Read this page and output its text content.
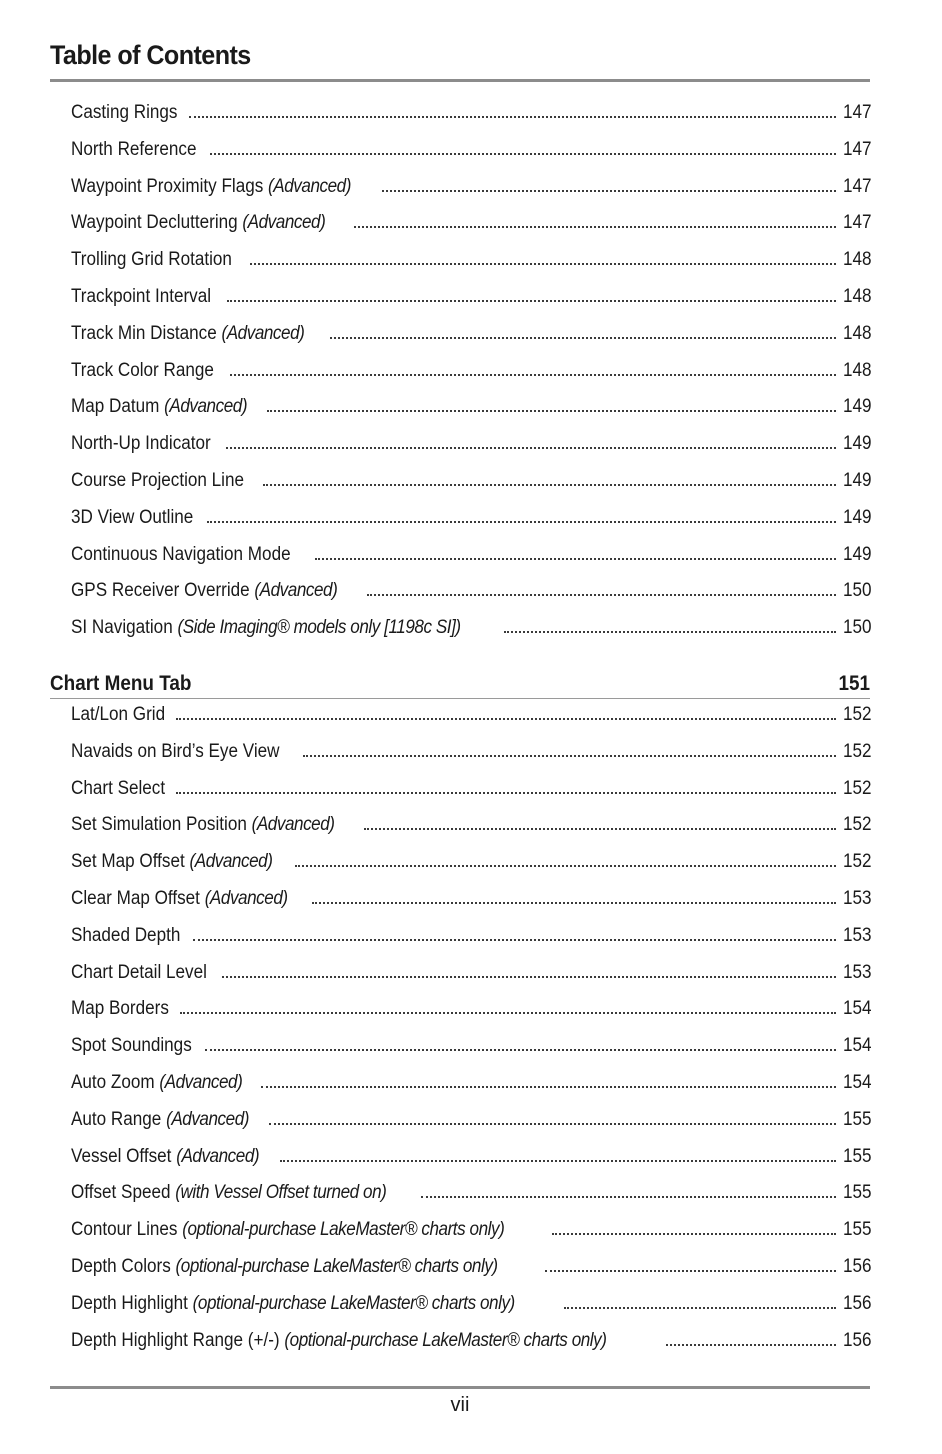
Table of Contents
Casting Rings	147
North Reference	147
Waypoint Proximity Flags (Advanced)	147
Waypoint Decluttering (Advanced)	147
Trolling Grid Rotation	148
Trackpoint Interval	148
Track Min Distance (Advanced)	148
Track Color Range	148
Map Datum (Advanced)	149
North-Up Indicator	149
Course Projection Line	149
3D View Outline	149
Continuous Navigation Mode	149
GPS Receiver Override (Advanced)	150
SI Navigation (Side Imaging® models only [1198c SI])	150
Chart Menu Tab	151
Lat/Lon Grid	152
Navaids on Bird’s Eye View	152
Chart Select	152
Set Simulation Position (Advanced)	152
Set Map Offset (Advanced)	152
Clear Map Offset (Advanced)	153
Shaded Depth	153
Chart Detail Level	153
Map Borders	154
Spot Soundings	154
Auto Zoom (Advanced)	154
Auto Range (Advanced)	155
Vessel Offset (Advanced)	155
Offset Speed (with Vessel Offset turned on)	155
Contour Lines (optional-purchase LakeMaster® charts only)	155
Depth Colors (optional-purchase LakeMaster® charts only)	156
Depth Highlight (optional-purchase LakeMaster® charts only)	156
Depth Highlight Range (+/-) (optional-purchase LakeMaster® charts only)	156
vii
